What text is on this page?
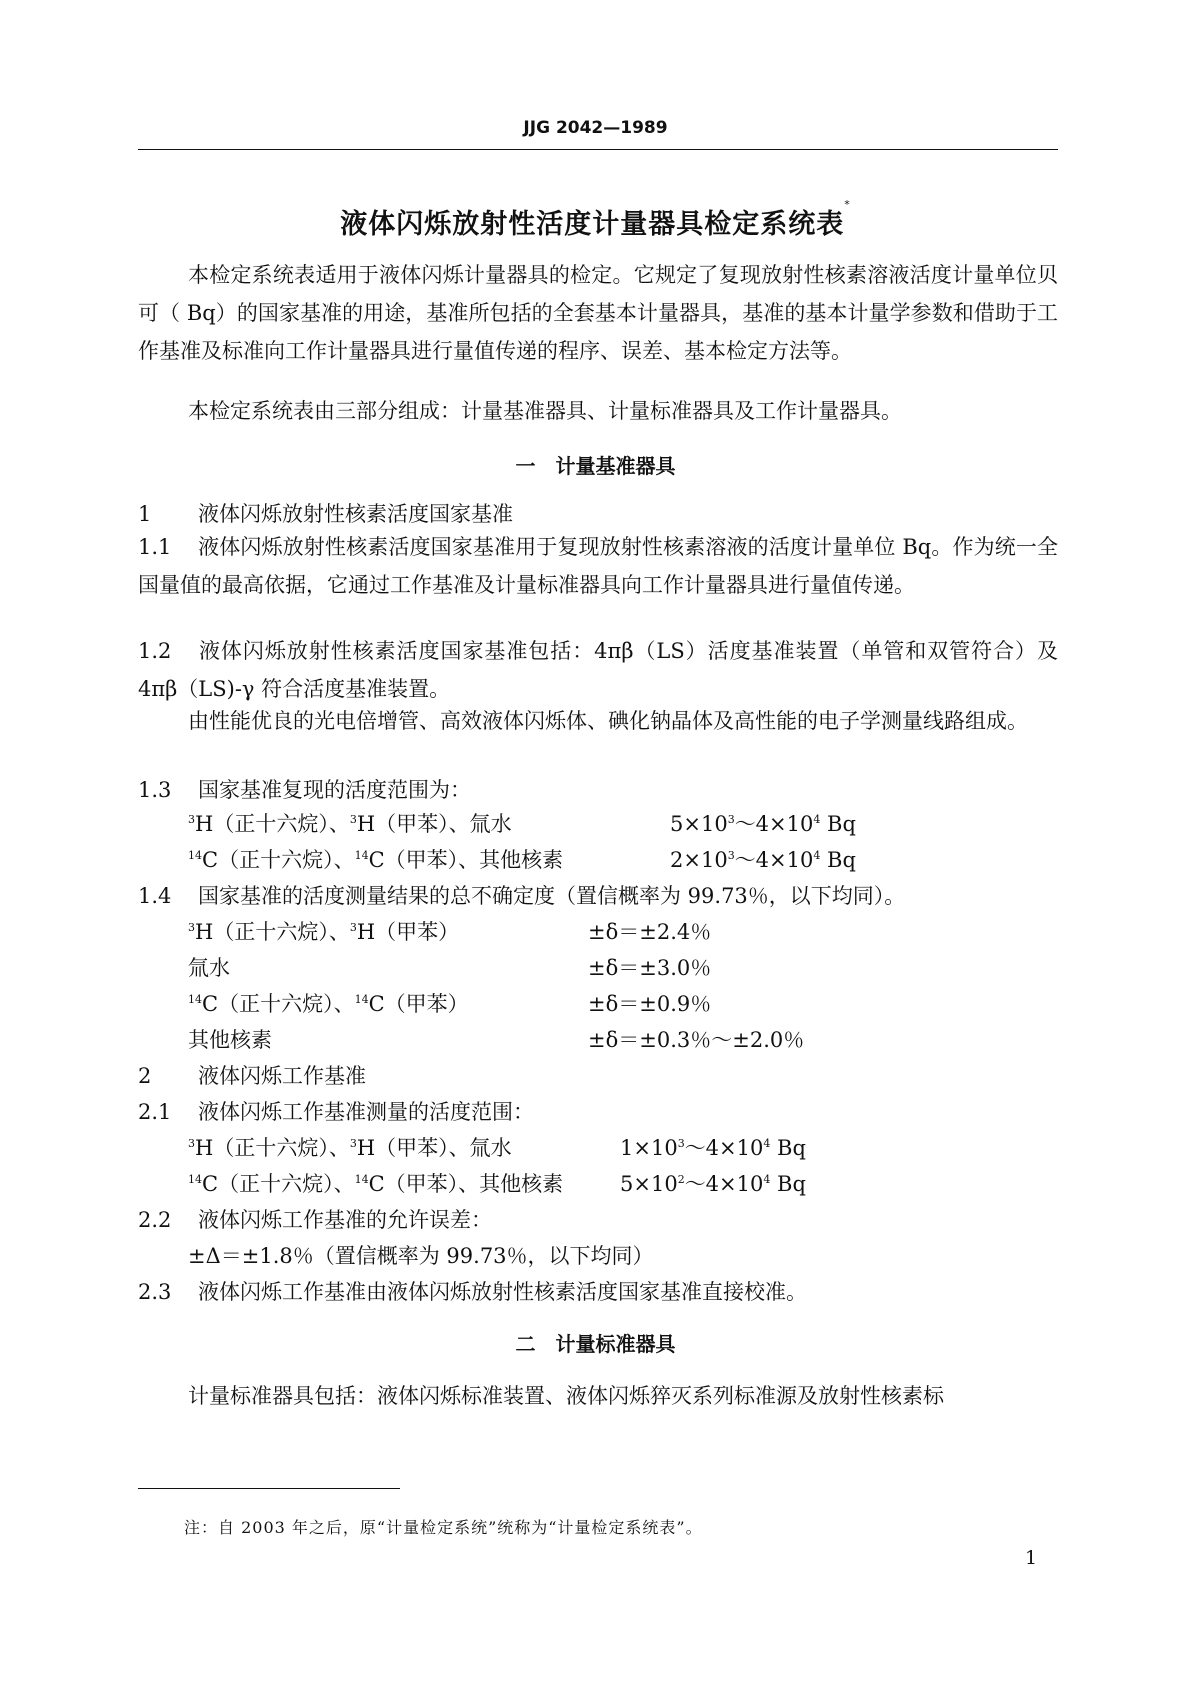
JJG 2042—1989
液体闪烁放射性活度计量器具检定系统表*
本检定系统表适用于液体闪烁计量器具的检定。它规定了复现放射性核素溶液活度计量单位贝可（ Bq）的国家基准的用途，基准所包括的全套基本计量器具，基准的基本计量学参数和借助于工作基准及标准向工作计量器具进行量值传递的程序、误差、基本检定方法等。
本检定系统表由三部分组成：计量基准器具、计量标准器具及工作计量器具。
一　计量基准器具
1 液体闪烁放射性核素活度国家基准
1.1 液体闪烁放射性核素活度国家基准用于复现放射性核素溶液的活度计量单位 Bq。作为统一全国量值的最高依据，它通过工作基准及计量标准器具向工作计量器具进行量值传递。
1.2 液体闪烁放射性核素活度国家基准包括：4πβ（LS）活度基准装置（单管和双管符合）及 4πβ（LS)-γ 符合活度基准装置。
由性能优良的光电倍增管、高效液体闪烁体、碘化钠晶体及高性能的电子学测量线路组成。
1.3 国家基准复现的活度范围为：
$^3$H（正十六烷）、$^3$H（甲苯）、氚水	$5\times 10^3\sim 4\times 10^4$ Bq
$^{14}$C（正十六烷）、$^{14}$C（甲苯）、其他核素	$2\times 10^3\sim 4\times 10^4$ Bq
1.4 国家基准的活度测量结果的总不确定度（置信概率为 99.73％，以下均同）。
$^3$H（正十六烷）、$^3$H（甲苯）	±δ＝±2.4％
氚水	±δ＝±3.0％
$^{14}$C（正十六烷）、$^{14}$C（甲苯）	±δ＝±0.9％
其他核素	±δ＝±0.3％～±2.0％
2 液体闪烁工作基准
2.1 液体闪烁工作基准测量的活度范围：
$^3$H（正十六烷）、$^3$H（甲苯）、氚水	$1\times 10^3\sim 4\times 10^4$ Bq
$^{14}$C（正十六烷）、$^{14}$C（甲苯）、其他核素	$5\times 10^2\sim 4\times 10^4$ Bq
2.2 液体闪烁工作基准的允许误差：
±Δ＝±1.8％（置信概率为 99.73％，以下均同）
2.3 液体闪烁工作基准由液体闪烁放射性核素活度国家基准直接校准。
二　计量标准器具
计量标准器具包括：液体闪烁标准装置、液体闪烁猝灭系列标准源及放射性核素标
注：自 2003 年之后，原“计量检定系统”统称为“计量检定系统表”。
1
